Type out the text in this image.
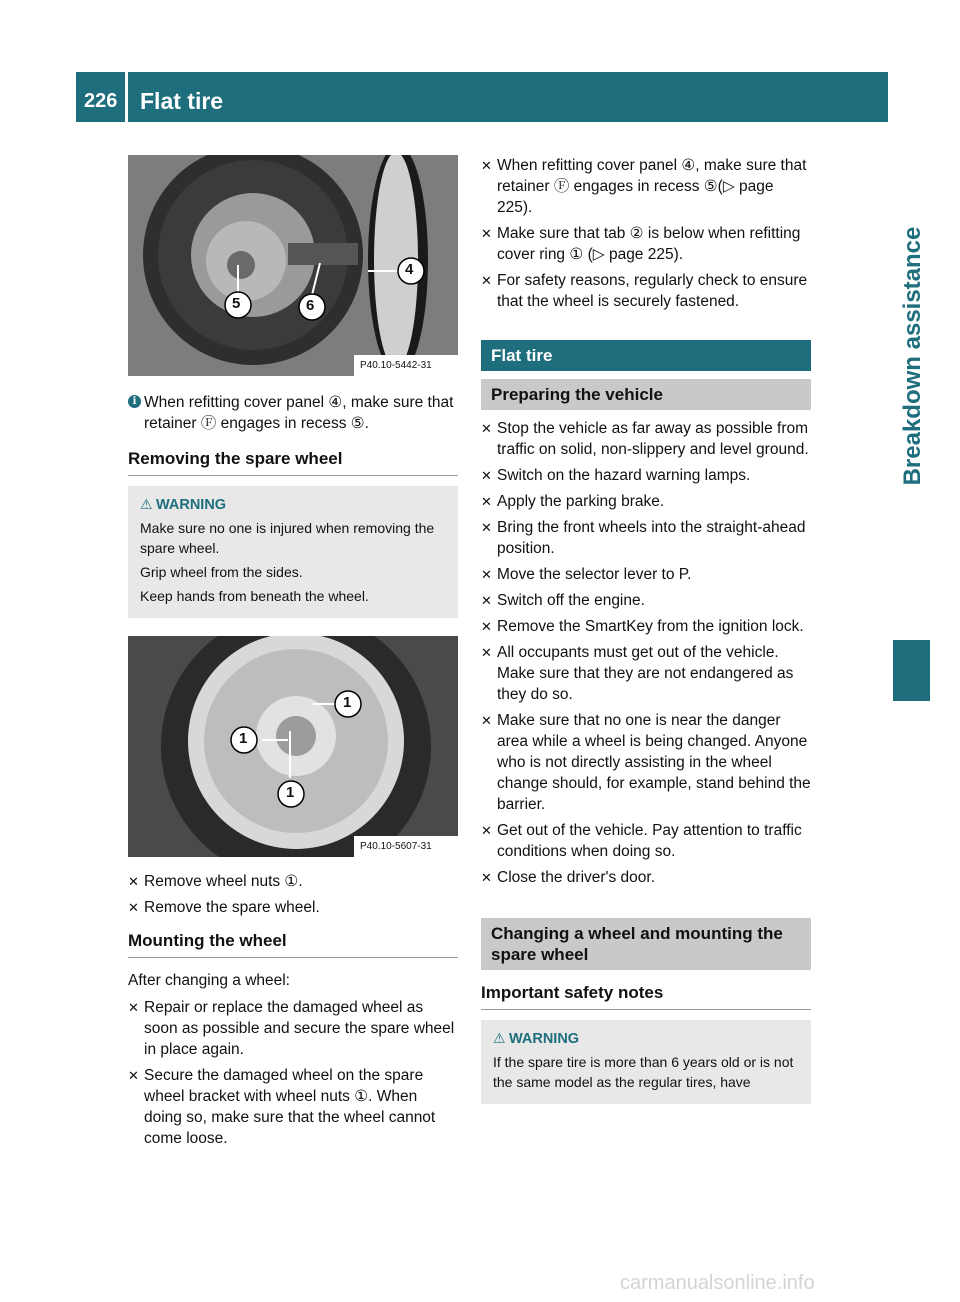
226 Flat tire
Breakdown assistance
4
5	6
P40.10-5442-31
i When refitting cover panel ④, make sure that retainer Ⓕ engages in recess ⑤.
Removing the spare wheel
⚠ WARNING

Make sure no one is injured when removing the spare wheel.

Grip wheel from the sides.

Keep hands from beneath the wheel.

1
1
1
P40.10-5607-31
✕ Remove wheel nuts ①.
✕ Remove the spare wheel.
Mounting the wheel

After changing a wheel:

✕ Repair or replace the damaged wheel as soon as possible and secure the spare wheel in place again.
✕ Secure the damaged wheel on the spare wheel bracket with wheel nuts ①. When doing so, make sure that the wheel cannot come loose.
✕ When refitting cover panel ④, make sure that retainer Ⓕ engages in recess ⑤(▷ page 225).
✕ Make sure that tab ② is below when refitting cover ring ① (▷ page 225).
✕ For safety reasons, regularly check to ensure that the wheel is securely fastened.
Flat tire
Preparing the vehicle
✕ Stop the vehicle as far away as possible from traffic on solid, non-slippery and level ground.
✕ Switch on the hazard warning lamps.
✕ Apply the parking brake.
✕ Bring the front wheels into the straight-ahead position.
✕ Move the selector lever to P.
✕ Switch off the engine.
✕ Remove the SmartKey from the ignition lock.
✕ All occupants must get out of the vehicle. Make sure that they are not endangered as they do so.
✕ Make sure that no one is near the danger area while a wheel is being changed. Anyone who is not directly assisting in the wheel change should, for example, stand behind the barrier.
✕ Get out of the vehicle. Pay attention to traffic conditions when doing so.
✕ Close the driver's door.
Changing a wheel and mounting the spare wheel
Important safety notes
⚠ WARNING

If the spare tire is more than 6 years old or is not the same model as the regular tires, have

carmanualsonline.info
